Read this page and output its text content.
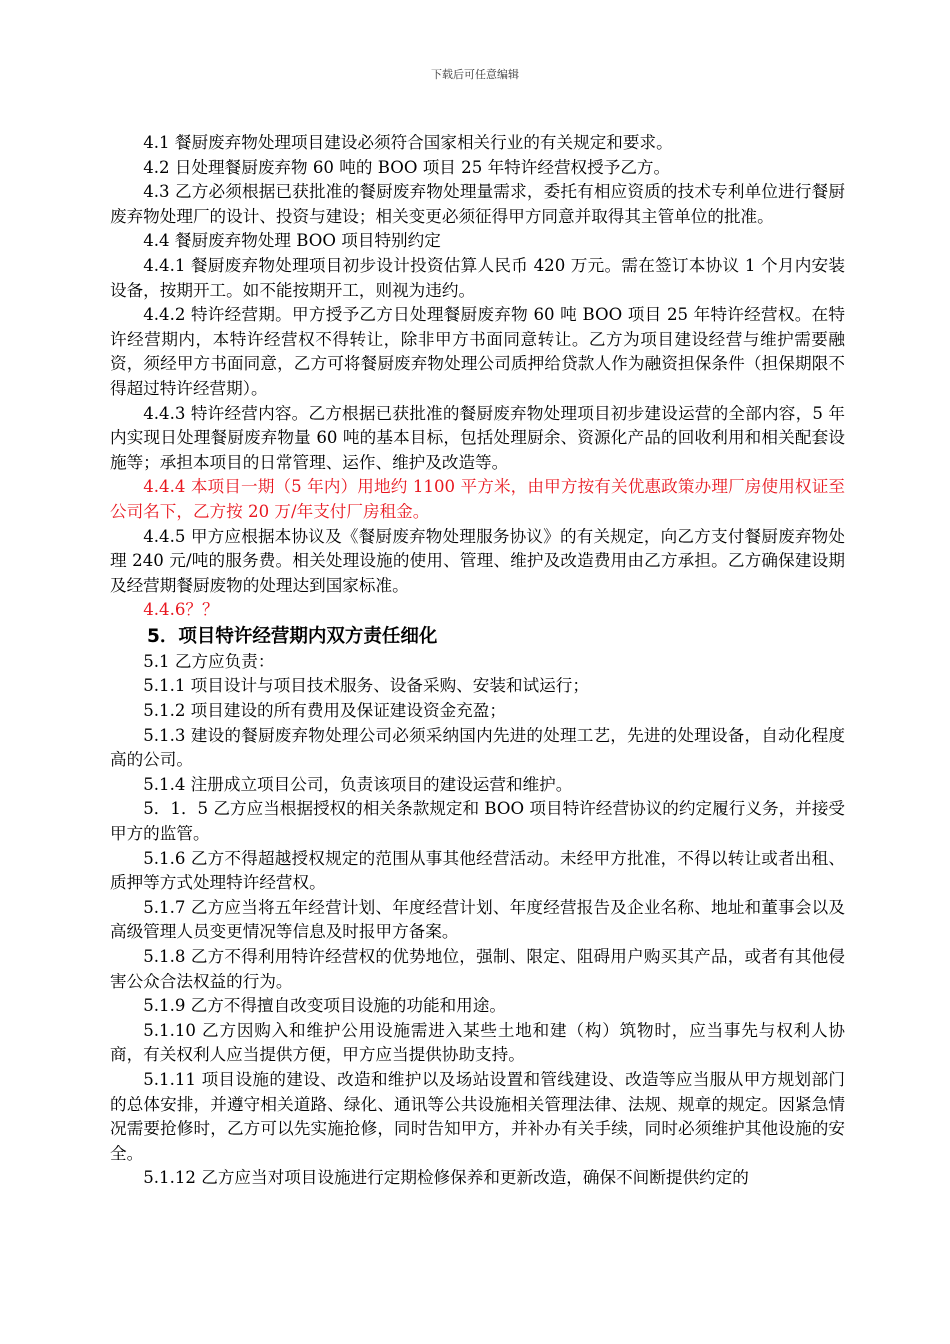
下载后可任意编辑

4.1 餐厨废弃物处理项目建设必须符合国家相关行业的有关规定和要求。

4.2 日处理餐厨废弃物 60 吨的 BOO 项目 25 年特许经营权授予乙方。

4.3 乙方必须根据已获批准的餐厨废弃物处理量需求，委托有相应资质的技术专利单位进行餐厨废弃物处理厂的设计、投资与建设；相关变更必须征得甲方同意并取得其主管单位的批准。

4.4 餐厨废弃物处理 BOO 项目特别约定

4.4.1 餐厨废弃物处理项目初步设计投资估算人民币 420 万元。需在签订本协议 1 个月内安装设备，按期开工。如不能按期开工，则视为违约。

4.4.2 特许经营期。甲方授予乙方日处理餐厨废弃物 60 吨 BOO 项目 25 年特许经营权。在特许经营期内，本特许经营权不得转让，除非甲方书面同意转让。乙方为项目建设经营与维护需要融资，须经甲方书面同意，乙方可将餐厨废弃物处理公司质押给贷款人作为融资担保条件（担保期限不得超过特许经营期）。

4.4.3 特许经营内容。乙方根据已获批准的餐厨废弃物处理项目初步建设运营的全部内容，5 年内实现日处理餐厨废弃物量 60 吨的基本目标，包括处理厨余、资源化产品的回收利用和相关配套设施等；承担本项目的日常管理、运作、维护及改造等。

4.4.4 本项目一期（5 年内）用地约 1100 平方米，由甲方按有关优惠政策办理厂房使用权证至公司名下，乙方按 20 万/年支付厂房租金。

4.4.5 甲方应根据本协议及《餐厨废弃物处理服务协议》的有关规定，向乙方支付餐厨废弃物处理 240 元/吨的服务费。相关处理设施的使用、管理、维护及改造费用由乙方承担。乙方确保建设期及经营期餐厨废物的处理达到国家标准。

4.4.6？？

5．项目特许经营期内双方责任细化

5.1 乙方应负责：

5.1.1 项目设计与项目技术服务、设备采购、安装和试运行；

5.1.2 项目建设的所有费用及保证建设资金充盈；

5.1.3 建设的餐厨废弃物处理公司必须采纳国内先进的处理工艺，先进的处理设备，自动化程度高的公司。

5.1.4 注册成立项目公司，负责该项目的建设运营和维护。

5．1．5 乙方应当根据授权的相关条款规定和 BOO 项目特许经营协议的约定履行义务，并接受甲方的监管。

5.1.6 乙方不得超越授权规定的范围从事其他经营活动。未经甲方批准，不得以转让或者出租、质押等方式处理特许经营权。

5.1.7 乙方应当将五年经营计划、年度经营计划、年度经营报告及企业名称、地址和董事会以及高级管理人员变更情况等信息及时报甲方备案。

5.1.8 乙方不得利用特许经营权的优势地位，强制、限定、阻碍用户购买其产品，或者有其他侵害公众合法权益的行为。

5.1.9 乙方不得擅自改变项目设施的功能和用途。

5.1.10 乙方因购入和维护公用设施需进入某些土地和建（构）筑物时，应当事先与权利人协商，有关权利人应当提供方便，甲方应当提供协助支持。

5.1.11 项目设施的建设、改造和维护以及场站设置和管线建设、改造等应当服从甲方规划部门的总体安排，并遵守相关道路、绿化、通讯等公共设施相关管理法律、法规、规章的规定。因紧急情况需要抢修时，乙方可以先实施抢修，同时告知甲方，并补办有关手续，同时必须维护其他设施的安全。

5.1.12 乙方应当对项目设施进行定期检修保养和更新改造，确保不间断提供约定的
